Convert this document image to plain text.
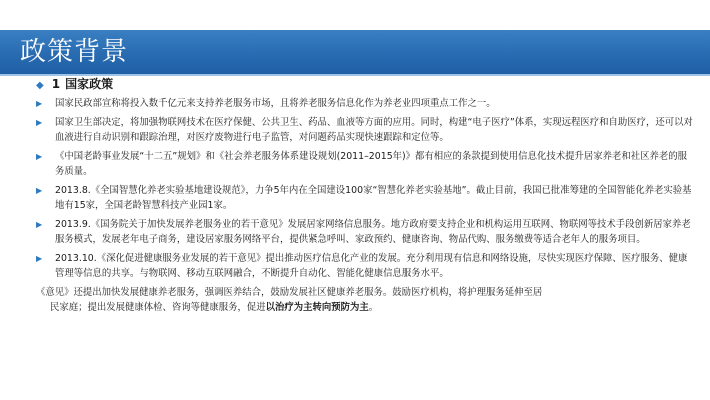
政策背景
◆ 1 国家政策
▶ 国家民政部宣称将投入数千亿元来支持养老服务市场，且将养老服务信息化作为养老业四项重点工作之一。
▶ 国家卫生部决定，将加强物联网技术在医疗保健、公共卫生、药品、血液等方面的应用。同时，构建“电子医疗”体系，实现远程医疗和自助医疗，还可以对血液进行自动识别和跟踪治理，对医疗废物进行电子监管，对问题药品实现快速跟踪和定位等。
▶ 《中国老龄事业发展“十二五”规划》和《社会养老服务体系建设规划(2011–2015年)》都有相应的条款提到使用信息化技术提升居家养老和社区养老的服务质量。
▶ 2013.8.《全国智慧化养老实验基地建设规范》，力争5年内在全国建设100家“智慧化养老实验基地”。截止目前，我国已批准筹建的全国智能化养老实验基地有15家，全国老龄智慧科技产业园1家。
▶ 2013.9.《国务院关于加快发展养老服务业的若干意见》发展居家网络信息服务。地方政府要支持企业和机构运用互联网、物联网等技术手段创新居家养老服务模式，发展老年电子商务，建设居家服务网络平台，提供紧急呼叫、家政预约、健康咨询、物品代购、服务缴费等适合老年人的服务项目。
▶ 2013.10.《深化促进健康服务业发展的若干意见》提出推动医疗信息化产业的发展。充分利用现有信息和网络设施，尽快实现医疗保障、医疗服务、健康管理等信息的共享。与物联网、移动互联网融合，不断提升自动化、智能化健康信息服务水平。
《意见》还提出加快发展健康养老服务，强调医养结合，鼓励发展社区健康养老服务。鼓励医疗机构，将护理服务延伸至居
民家庭；提出发展健康体检、咨询等健康服务，促进以治疗为主转向预防为主。
